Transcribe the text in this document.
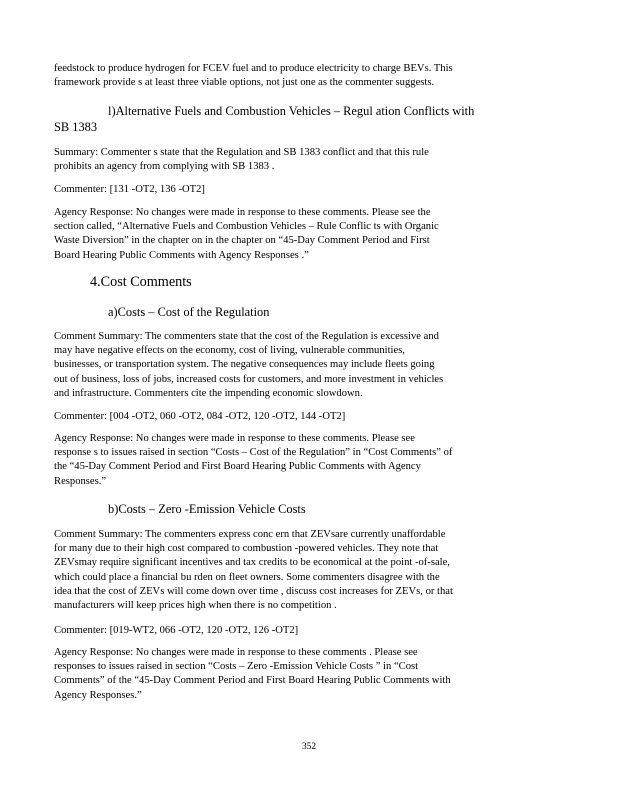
feedstock to produce hydrogen for FCEV fuel and to produce electricity to charge BEVs. This
framework provide s at least three viable options, not just one as the commenter suggests.

l)Alternative Fuels and Combustion Vehicles – Regul ation Conflicts with
SB 1383

Summary: Commenter s state that the Regulation and SB 1383 conflict and that this rule
prohibits an agency from complying with SB 1383 .

Commenter: [131 -OT2, 136 -OT2]

Agency Response: No changes were made in response to these comments. Please see the
section called, “Alternative Fuels and Combustion Vehicles – Rule Conflic ts with Organic
Waste Diversion” in the chapter on in the chapter on “45-Day Comment Period and First
Board Hearing Public Comments with Agency Responses .”

4.Cost Comments
a)Costs – Cost of the Regulation

Comment Summary: The commenters state that the cost of the Regulation is excessive and
may have negative effects on the economy, cost of living, vulnerable communities,
businesses, or transportation system. The negative consequences may include fleets going
out of business, loss of jobs, increased costs for customers, and more investment in vehicles
and infrastructure. Commenters cite the impending economic slowdown.

Commenter: [004 -OT2, 060 -OT2, 084 -OT2, 120 -OT2, 144 -OT2]

Agency Response: No changes were made in response to these comments. Please see
response s to issues raised in section “Costs – Cost of the Regulation” in “Cost Comments” of
the “45-Day Comment Period and First Board Hearing Public Comments with Agency
Responses.”

b)Costs – Zero -Emission Vehicle Costs

Comment Summary: The commenters express conc ern that ZEVsare currently unaffordable
for many due to their high cost compared to combustion -powered vehicles. They note that
ZEVsmay require significant incentives and tax credits to be economical at the point -of-sale,
which could place a financial bu rden on fleet owners. Some commenters disagree with the
idea that the cost of ZEVs will come down over time , discuss cost increases for ZEVs, or that
manufacturers will keep prices high when there is no competition .

Commenter: [019-WT2, 066 -OT2, 120 -OT2, 126 -OT2]

Agency Response: No changes were made in response to these comments . Please see
responses to issues raised in section “Costs – Zero -Emission Vehicle Costs ” in “Cost
Comments” of the “45-Day Comment Period and First Board Hearing Public Comments with
Agency Responses.”

352
